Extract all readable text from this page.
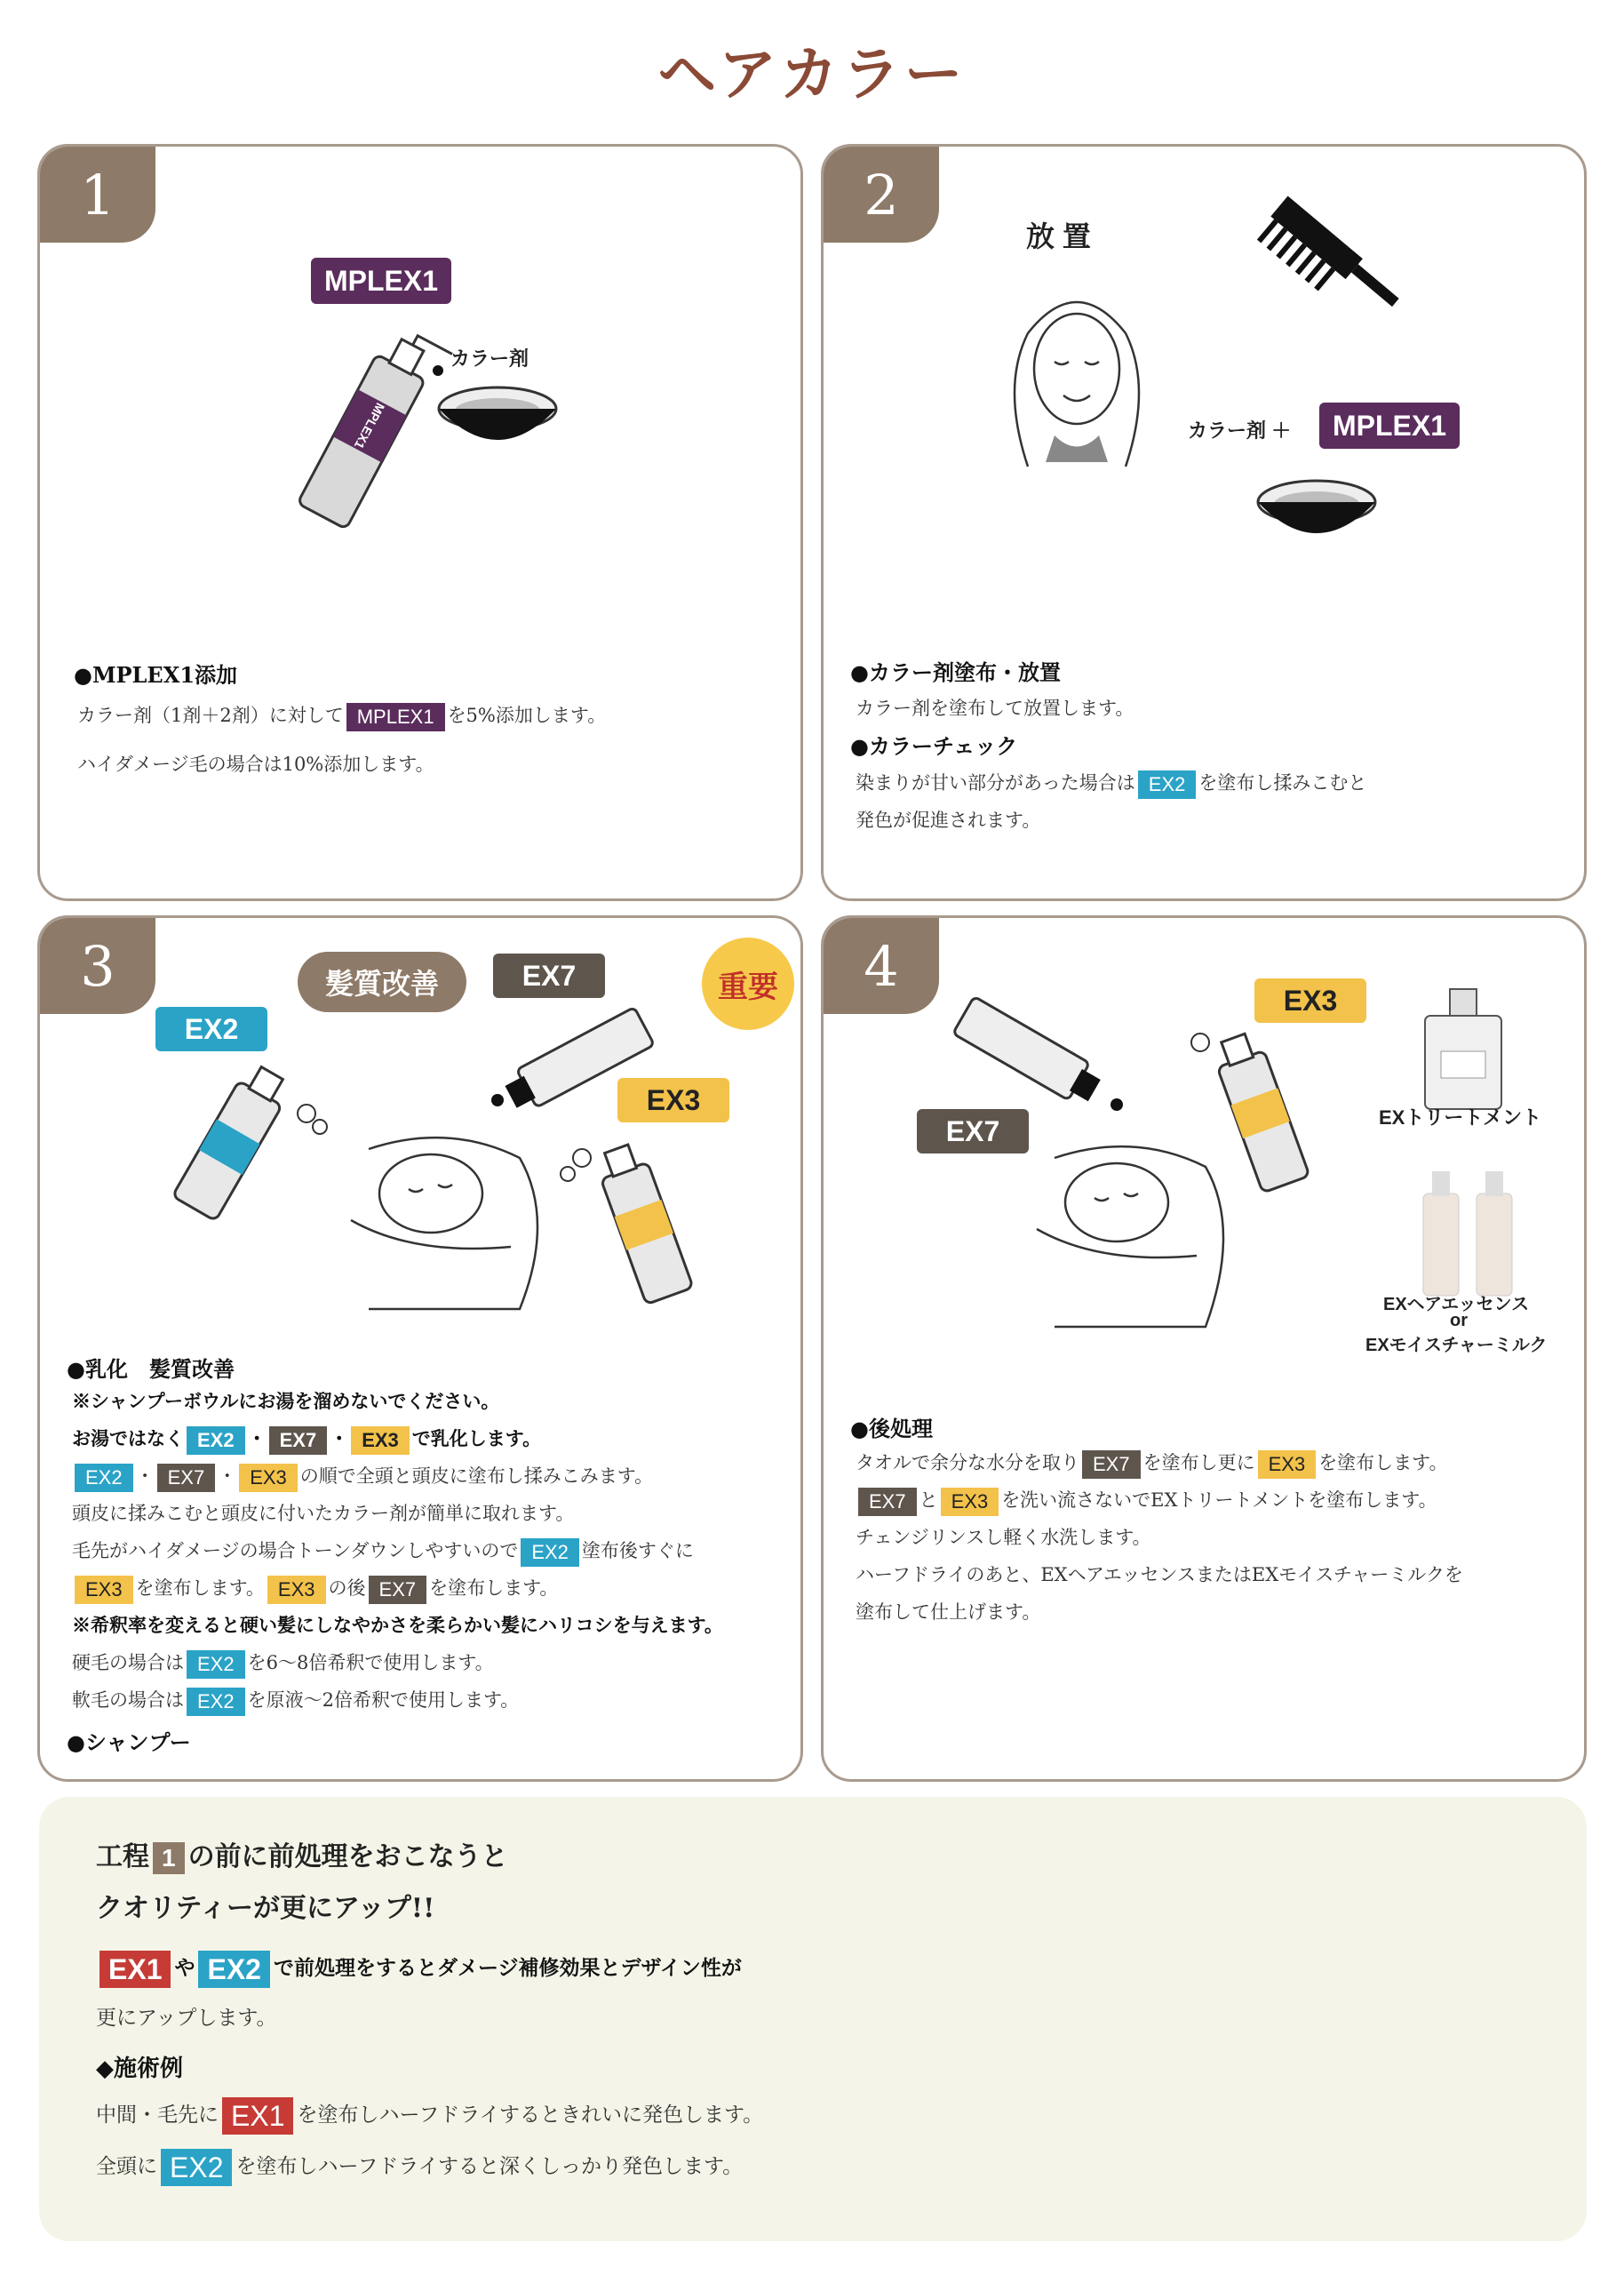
ヘアカラー
1
MPLEX1
MPLEX1
カラー剤
●MPLEX1添加
カラー剤（1剤＋2剤）に対して MPLEX1 を5%添加します。
ハイダメージ毛の場合は10%添加します。
2
放 置
カラー剤 ＋	MPLEX1
●カラー剤塗布・放置
カラー剤を塗布して放置します。
●カラーチェック
染まりが甘い部分があった場合は EX2 を塗布し揉みこむと
発色が促進されます。
3	髪質改善	EX7	重要
EX2
EX3
●乳化　髪質改善
※シャンプーボウルにお湯を溜めないでください。
お湯ではなく EX2 ・ EX7 ・ EX3 で乳化します。
EX2 ・ EX7 ・ EX3 の順で全頭と頭皮に塗布し揉みこみます。
頭皮に揉みこむと頭皮に付いたカラー剤が簡単に取れます。
毛先がハイダメージの場合トーンダウンしやすいので EX2 塗布後すぐに
EX3 を塗布します。 EX3 の後 EX7 を塗布します。
※希釈率を変えると硬い髪にしなやかさを柔らかい髪にハリコシを与えます。
硬毛の場合は EX2 を6～8倍希釈で使用します。
軟毛の場合は EX2 を原液～2倍希釈で使用します。
●シャンプー
4
EX3
EX7	EXトリートメント
EXヘアエッセンス
or
EXモイスチャーミルク
●後処理
タオルで余分な水分を取り EX7 を塗布し更に EX3 を塗布します。
EX7 と EX3 を洗い流さないでEXトリートメントを塗布します。
チェンジリンスし軽く水洗します。
ハーフドライのあと、EXヘアエッセンスまたはEXモイスチャーミルクを
塗布して仕上げます。
工程 1 の前に前処理をおこなうと
クオリティーが更にアップ!!
EX1 や EX2 で前処理をするとダメージ補修効果とデザイン性が
更にアップします。
◆施術例
中間・毛先に EX1 を塗布しハーフドライするときれいに発色します。
全頭に EX2 を塗布しハーフドライすると深くしっかり発色します。
